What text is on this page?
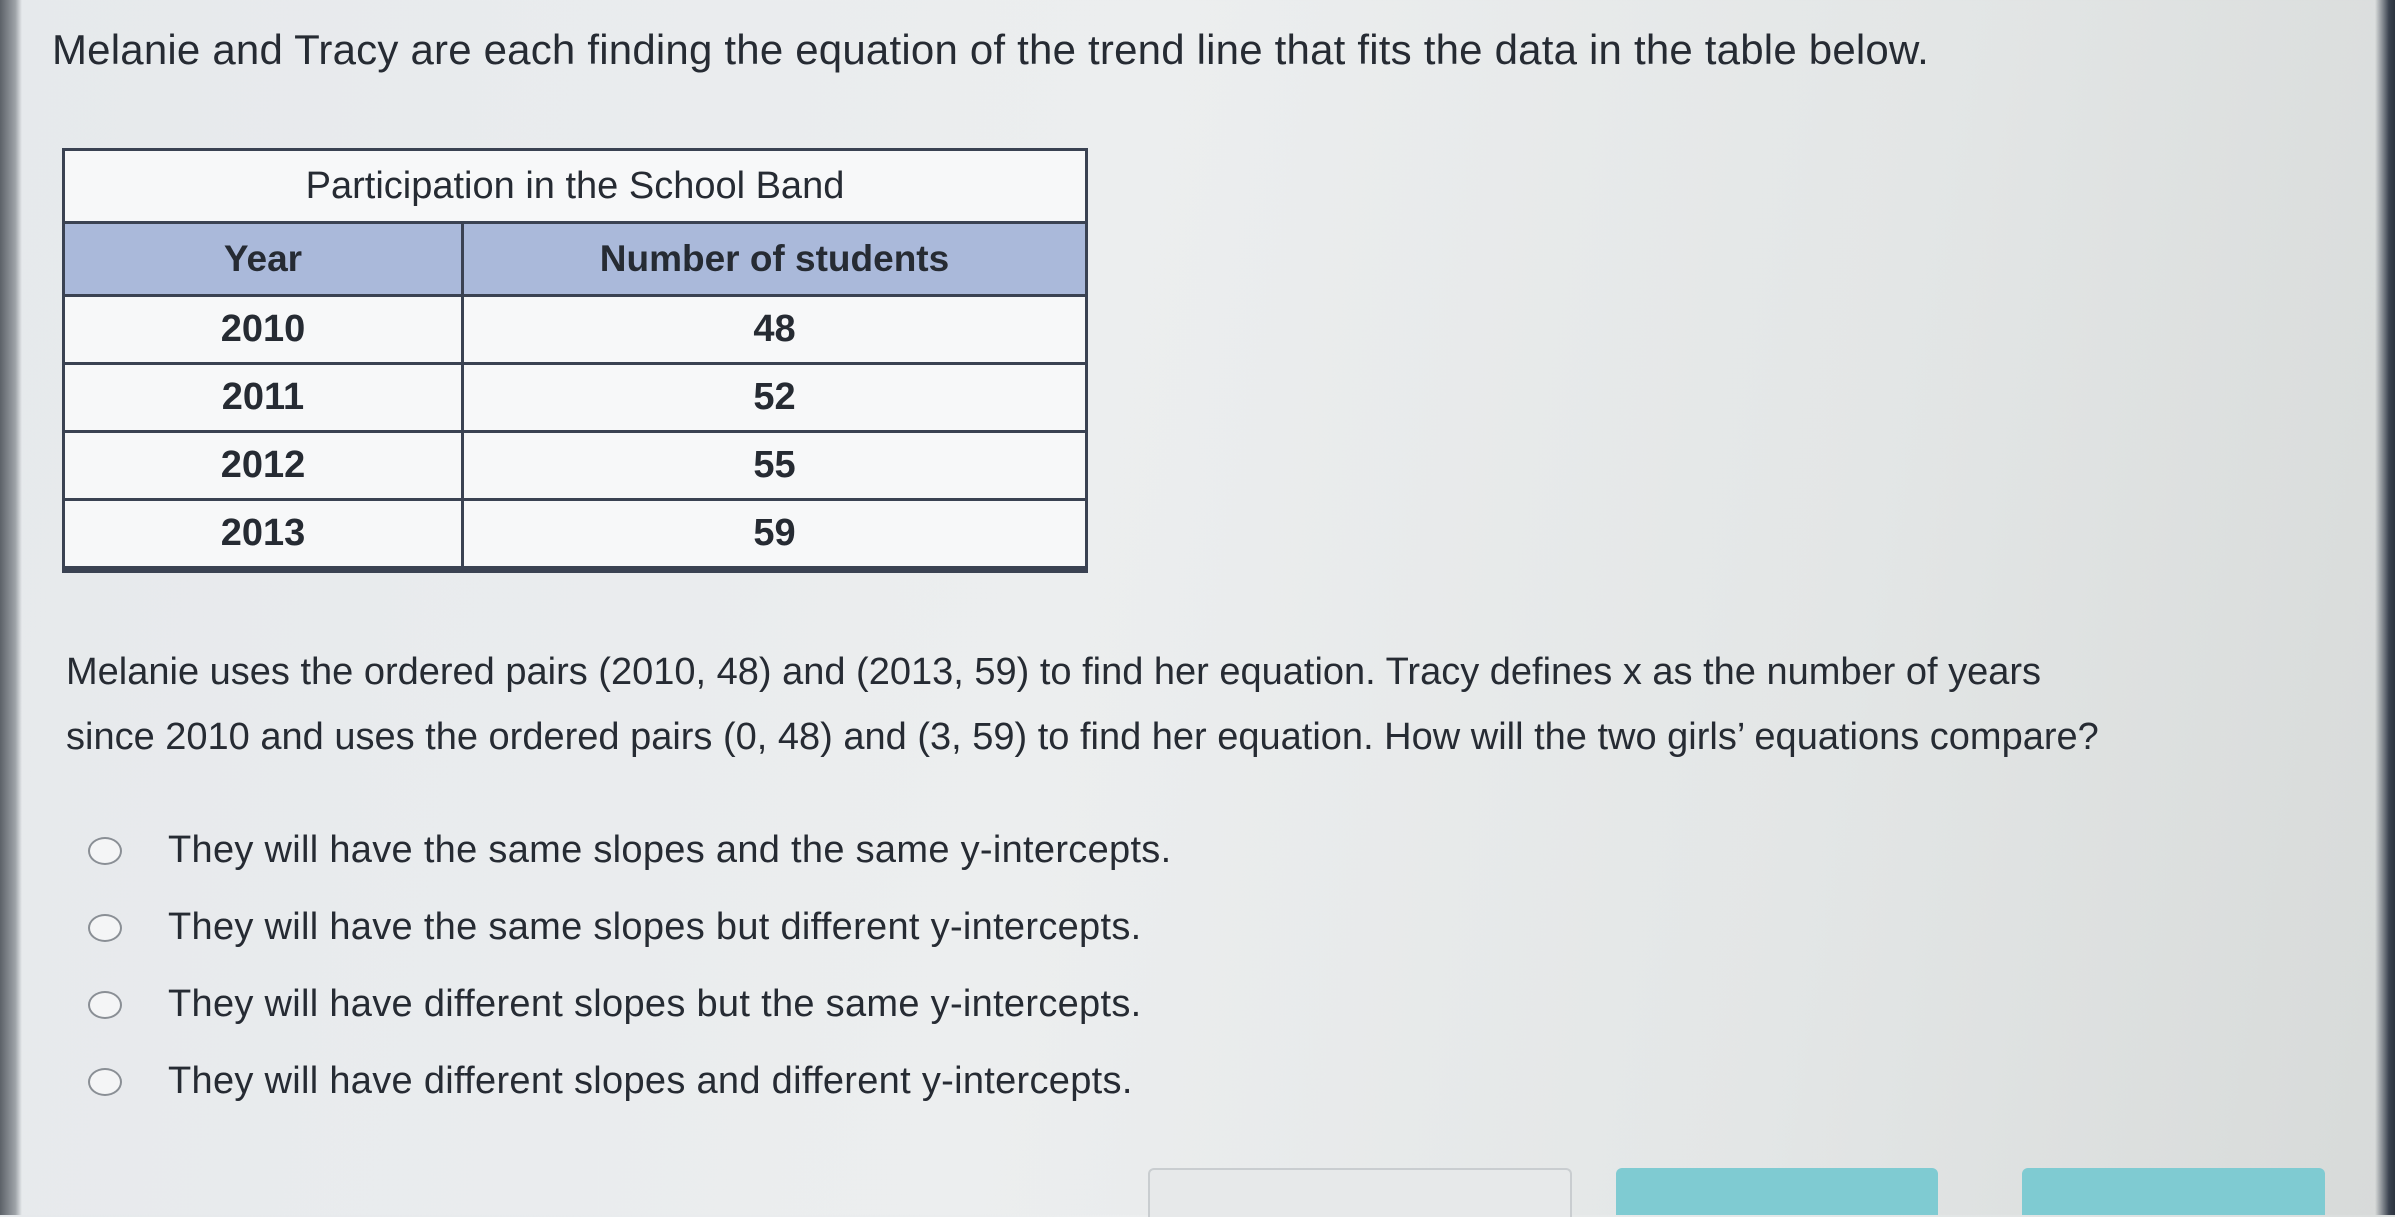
Melanie and Tracy are each finding the equation of the trend line that fits the data in the table below.
Participation in the School Band
Year	Number of students
2010	48
2011	52
2012	55
2013	59
Melanie uses the ordered pairs (2010, 48) and (2013, 59) to find her equation. Tracy defines x as the number of years
since 2010 and uses the ordered pairs (0, 48) and (3, 59) to find her equation. How will the two girls’ equations compare?
They will have the same slopes and the same y-intercepts.
They will have the same slopes but different y-intercepts.
They will have different slopes but the same y-intercepts.
They will have different slopes and different y-intercepts.
